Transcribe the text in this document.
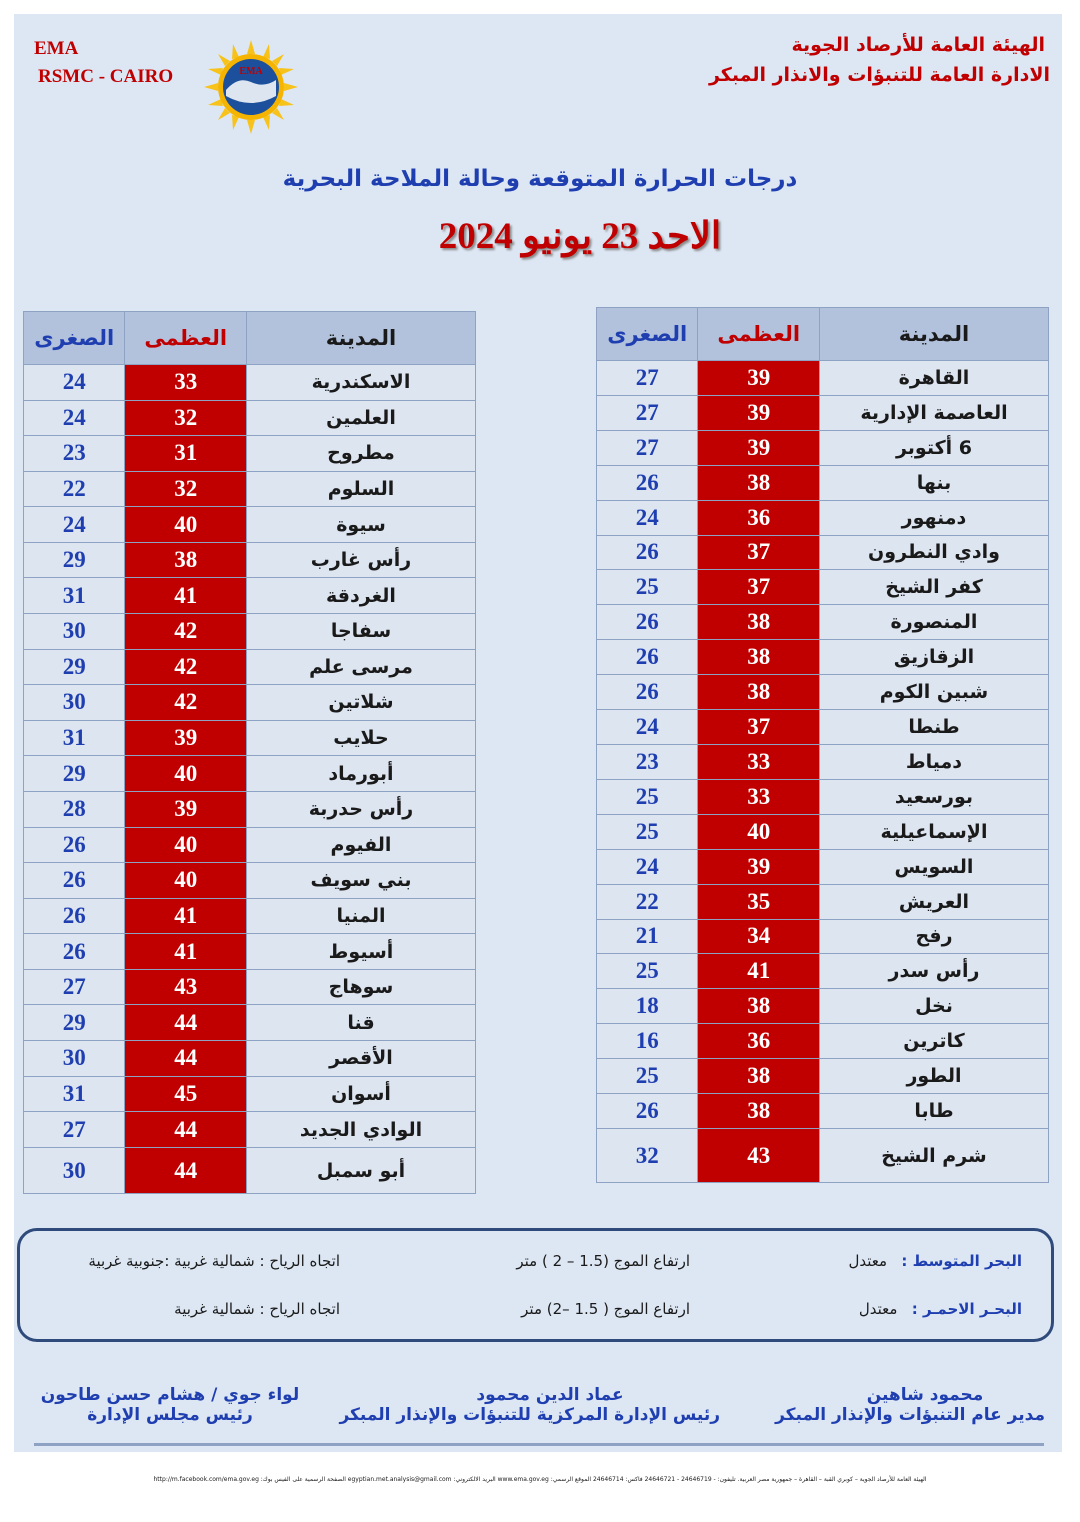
EMA
RSMC - CAIRO	EMA
الهيئة العامة للأرصاد الجوية
الادارة العامة للتنبؤات والانذار المبكر
درجات الحرارة المتوقعة وحالة الملاحة البحرية
الاحد 23 يونيو 2024
الصغرى	العظمى	المدينة
27	39	القاهرة
27	39	العاصمة الإدارية
27	39	6 أكتوبر
26	38	بنها
24	36	دمنهور
26	37	وادي النطرون
25	37	كفر الشيخ
26	38	المنصورة
26	38	الزقازيق
26	38	شبين الكوم
24	37	طنطا
23	33	دمياط
25	33	بورسعيد
25	40	الإسماعيلية
24	39	السويس
22	35	العريش
21	34	رفح
25	41	رأس سدر
18	38	نخل
16	36	كاترين
25	38	الطور
26	38	طابا
32	43	شرم الشيخ
الصغرى	العظمى	المدينة
24	33	الاسكندرية
24	32	العلمين
23	31	مطروح
22	32	السلوم
24	40	سيوة
29	38	رأس غارب
31	41	الغردقة
30	42	سفاجا
29	42	مرسى علم
30	42	شلاتين
31	39	حلايب
29	40	أبورماد
28	39	رأس حدربة
26	40	الفيوم
26	40	بني سويف
26	41	المنيا
26	41	أسيوط
27	43	سوهاج
29	44	قنا
30	44	الأقصر
31	45	أسوان
27	44	الوادي الجديد
30	44	أبو سمبل
البحر المتوسط :   معتدل
ارتفاع الموج (1.5 – 2 ) متر
اتجاه الرياح : شمالية غربية :جنوبية غربية
البحـر الاحمـر :   معتدل
ارتفاع الموج ( 1.5 –2) متر
اتجاه الرياح : شمالية غربية
محمود شاهين
مدير عام التنبؤات والإنذار المبكر
عماد الدين محمود
رئيس الإدارة المركزية للتنبؤات والإنذار المبكر
لواء جوي / هشام حسن طاحون
رئيس مجلس الإدارة
الهيئة العامة للأرصاد الجوية – كوبري القبة – القاهرة – جمهورية مصر العربية. تليفون: - 24646719 - 24646721 فاكس: 24646714 الموقع الرسمي: www.ema.gov.eg البريد الالكتروني: egyptian.met.analysis@gmail.com الصفحة الرسمية على الفيس بوك: http://m.facebook.com/ema.gov.eg
